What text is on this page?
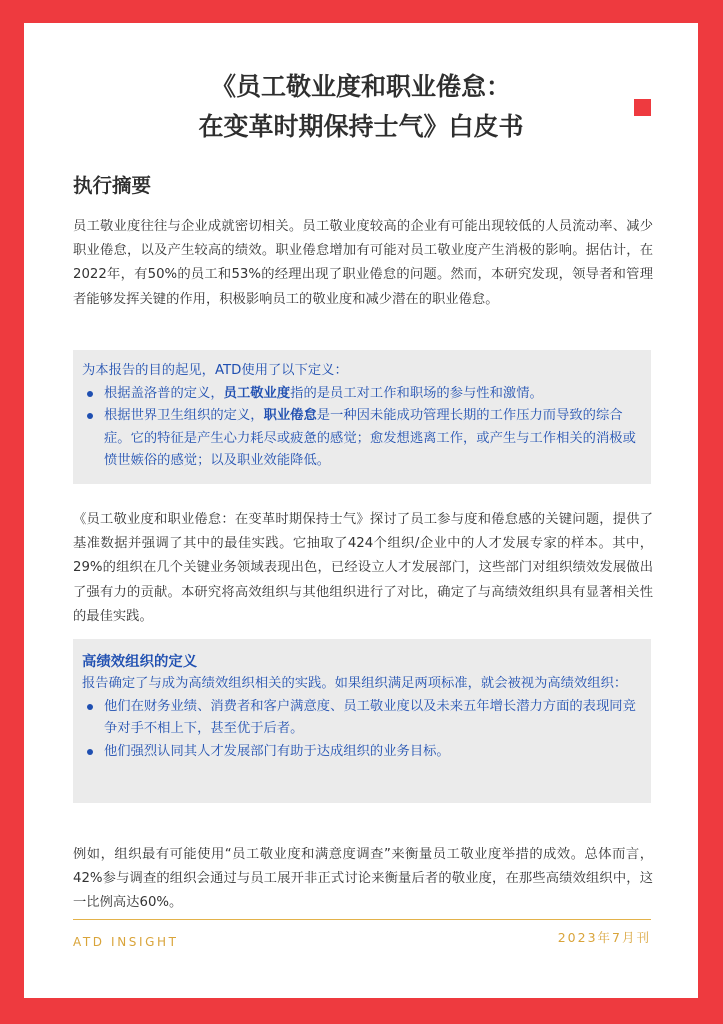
《员工敬业度和职业倦怠：
在变革时期保持士气》白皮书
执行摘要

员工敬业度往往与企业成就密切相关。员工敬业度较高的企业有可能出现较低的人员流动率、减少职业倦怠，以及产生较高的绩效。职业倦怠增加有可能对员工敬业度产生消极的影响。据估计，在2022年，有50%的员工和53%的经理出现了职业倦怠的问题。然而，本研究发现，领导者和管理者能够发挥关键的作用，积极影响员工的敬业度和减少潜在的职业倦怠。

为本报告的目的起见，ATD使用了以下定义：
根据盖洛普的定义，员工敬业度指的是员工对工作和职场的参与性和激情。
根据世界卫生组织的定义，职业倦怠是一种因未能成功管理长期的工作压力而导致的综合症。它的特征是产生心力耗尽或疲惫的感觉；愈发想逃离工作，或产生与工作相关的消极或愤世嫉俗的感觉；以及职业效能降低。

《员工敬业度和职业倦怠：在变革时期保持士气》探讨了员工参与度和倦怠感的关键问题，提供了基准数据并强调了其中的最佳实践。它抽取了424个组织/企业中的人才发展专家的样本。其中，29%的组织在几个关键业务领域表现出色，已经设立人才发展部门，这些部门对组织绩效发展做出了强有力的贡献。本研究将高效组织与其他组织进行了对比，确定了与高绩效组织具有显著相关性的最佳实践。

高绩效组织的定义
报告确定了与成为高绩效组织相关的实践。如果组织满足两项标准，就会被视为高绩效组织：
他们在财务业绩、消费者和客户满意度、员工敬业度以及未来五年增长潜力方面的表现同竞争对手不相上下，甚至优于后者。
他们强烈认同其人才发展部门有助于达成组织的业务目标。

例如，组织最有可能使用“员工敬业度和满意度调查”来衡量员工敬业度举措的成效。总体而言，42%参与调查的组织会通过与员工展开非正式讨论来衡量后者的敬业度，在那些高绩效组织中，这一比例高达60%。

ATD INSIGHT	2023年7月刊
